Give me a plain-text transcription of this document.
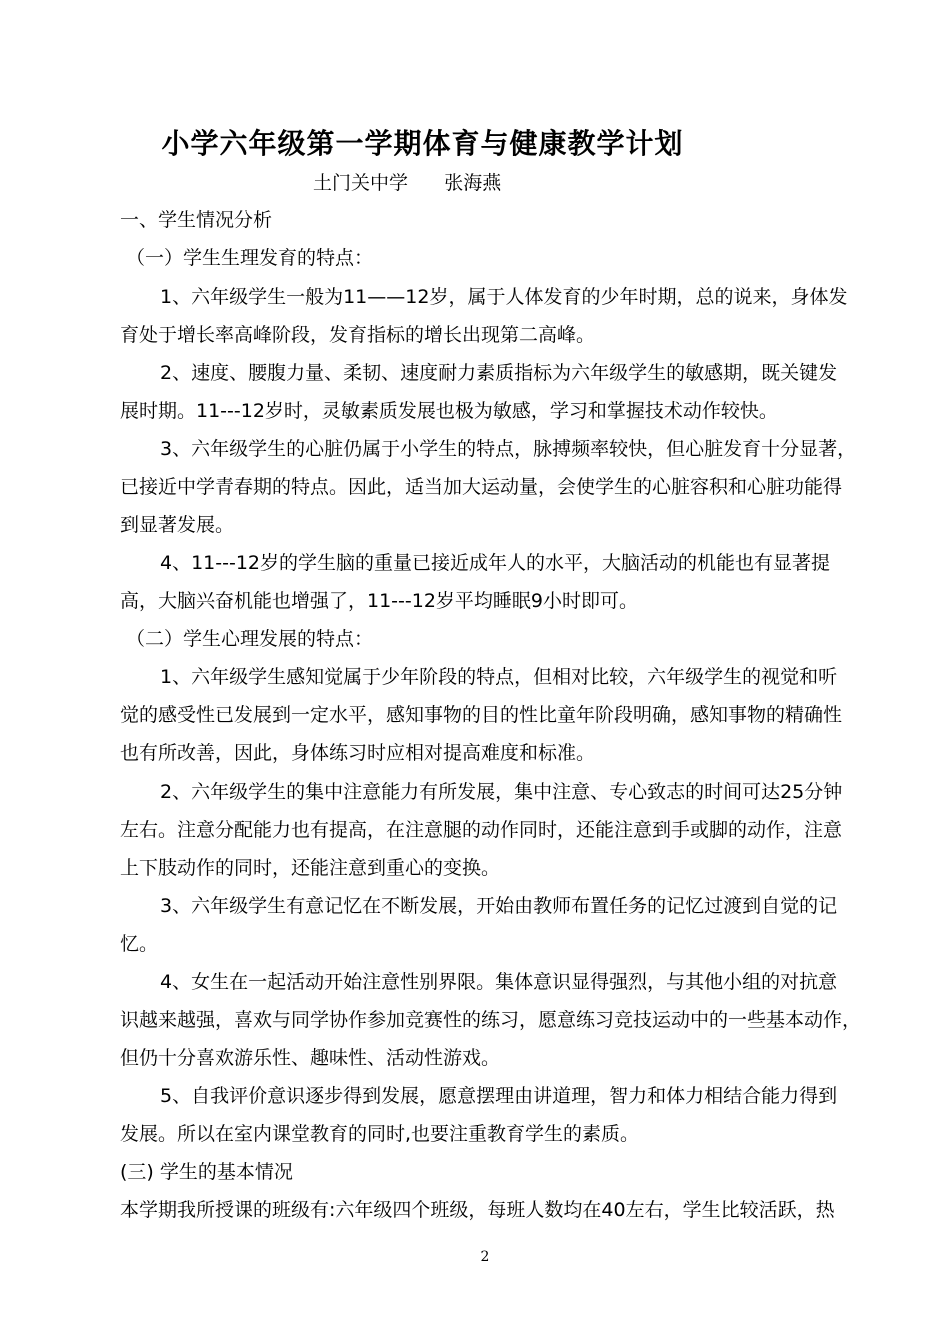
小学六年级第一学期体育与健康教学计划
土门关中学      张海燕
一、学生情况分析
（一）学生生理发育的特点：
1、六年级学生一般为11——12岁，属于人体发育的少年时期，总的说来，身体发
育处于增长率高峰阶段，发育指标的增长出现第二高峰。
2、速度、腰腹力量、柔韧、速度耐力素质指标为六年级学生的敏感期，既关键发
展时期。11---12岁时，灵敏素质发展也极为敏感，学习和掌握技术动作较快。
3、六年级学生的心脏仍属于小学生的特点，脉搏频率较快，但心脏发育十分显著，
已接近中学青春期的特点。因此，适当加大运动量，会使学生的心脏容积和心脏功能得
到显著发展。
4、11---12岁的学生脑的重量已接近成年人的水平，大脑活动的机能也有显著提
高，大脑兴奋机能也增强了，11---12岁平均睡眠9小时即可。
（二）学生心理发展的特点：
1、六年级学生感知觉属于少年阶段的特点，但相对比较，六年级学生的视觉和听
觉的感受性已发展到一定水平，感知事物的目的性比童年阶段明确，感知事物的精确性
也有所改善，因此，身体练习时应相对提高难度和标准。
2、六年级学生的集中注意能力有所发展，集中注意、专心致志的时间可达25分钟
左右。注意分配能力也有提高，在注意腿的动作同时，还能注意到手或脚的动作，注意
上下肢动作的同时，还能注意到重心的变换。
3、六年级学生有意记忆在不断发展，开始由教师布置任务的记忆过渡到自觉的记
忆。
4、女生在一起活动开始注意性别界限。集体意识显得强烈，与其他小组的对抗意
识越来越强，喜欢与同学协作参加竞赛性的练习，愿意练习竞技运动中的一些基本动作，
但仍十分喜欢游乐性、趣味性、活动性游戏。
5、自我评价意识逐步得到发展，愿意摆理由讲道理，智力和体力相结合能力得到
发展。所以在室内课堂教育的同时,也要注重教育学生的素质。
(三) 学生的基本情况
本学期我所授课的班级有:六年级四个班级，每班人数均在40左右，学生比较活跃，热
2
